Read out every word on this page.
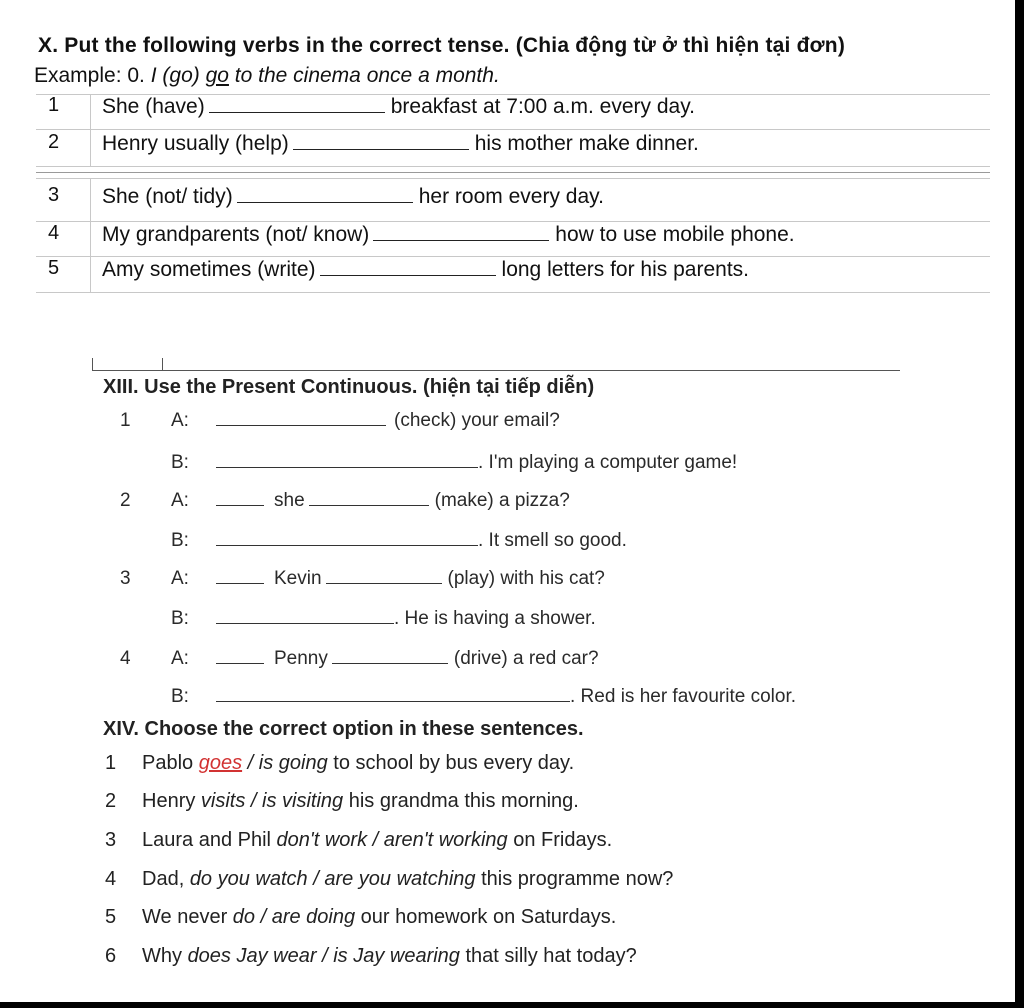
X. Put the following verbs in the correct tense. (Chia động từ ở thì hiện tại đơn)
Example: 0. I (go) go to the cinema once a month.
1 She (have)	breakfast at 7:00 a.m. every day.
2 Henry usually (help)	his mother make dinner.
3 She (not/ tidy)	her room every day.
4 My grandparents (not/ know)	how to use mobile phone.
5 Amy sometimes (write)	long letters for his parents.
XIII. Use the Present Continuous. (hiện tại tiếp diễn)
1 A:	(check) your email?
B:	. I'm playing a computer game!
2 A:	she	(make) a pizza?
B:	. It smell so good.
3 A:	Kevin	(play) with his cat?
B:	. He is having a shower.
4 A:	Penny	(drive) a red car?
B:	. Red is her favourite color.
XIV. Choose the correct option in these sentences.
1 Pablo goes / is going to school by bus every day.
2 Henry visits / is visiting his grandma this morning.
3 Laura and Phil don't work / aren't working on Fridays.
4 Dad, do you watch / are you watching this programme now?
5 We never do / are doing our homework on Saturdays.
6 Why does Jay wear / is Jay wearing that silly hat today?
